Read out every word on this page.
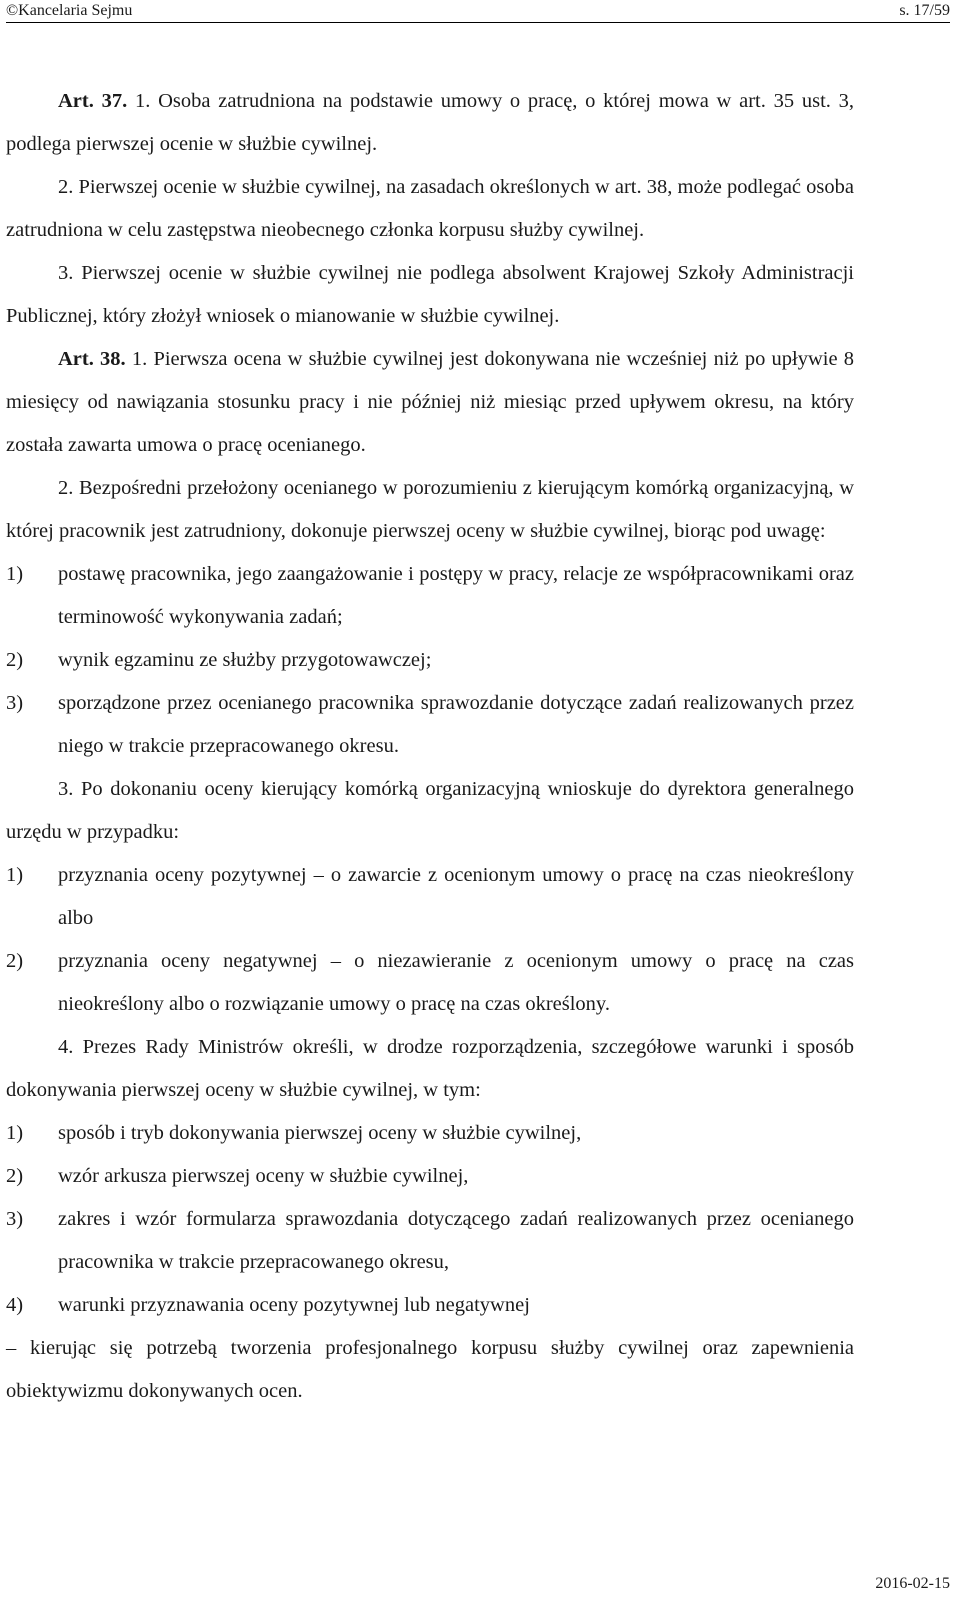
©Kancelaria Sejmu	s. 17/59

Art. 37. 1. Osoba zatrudniona na podstawie umowy o pracę, o której mowa w art. 35 ust. 3, podlega pierwszej ocenie w służbie cywilnej.

2. Pierwszej ocenie w służbie cywilnej, na zasadach określonych w art. 38, może podlegać osoba zatrudniona w celu zastępstwa nieobecnego członka korpusu służby cywilnej.

3. Pierwszej ocenie w służbie cywilnej nie podlega absolwent Krajowej Szkoły Administracji Publicznej, który złożył wniosek o mianowanie w służbie cywilnej.

Art. 38. 1. Pierwsza ocena w służbie cywilnej jest dokonywana nie wcześniej niż po upływie 8 miesięcy od nawiązania stosunku pracy i nie później niż miesiąc przed upływem okresu, na który została zawarta umowa o pracę ocenianego.

2. Bezpośredni przełożony ocenianego w porozumieniu z kierującym komórką organizacyjną, w której pracownik jest zatrudniony, dokonuje pierwszej oceny w służbie cywilnej, biorąc pod uwagę:

1)	postawę pracownika, jego zaangażowanie i postępy w pracy, relacje ze współpracownikami oraz terminowość wykonywania zadań;
2)	wynik egzaminu ze służby przygotowawczej;
3)	sporządzone przez ocenianego pracownika sprawozdanie dotyczące zadań realizowanych przez niego w trakcie przepracowanego okresu.

3. Po dokonaniu oceny kierujący komórką organizacyjną wnioskuje do dyrektora generalnego urzędu w przypadku:

1)	przyznania oceny pozytywnej – o zawarcie z ocenionym umowy o pracę na czas nieokreślony albo
2)	przyznania oceny negatywnej – o niezawieranie z ocenionym umowy o pracę na czas nieokreślony albo o rozwiązanie umowy o pracę na czas określony.

4. Prezes Rady Ministrów określi, w drodze rozporządzenia, szczegółowe warunki i sposób dokonywania pierwszej oceny w służbie cywilnej, w tym:

1)	sposób i tryb dokonywania pierwszej oceny w służbie cywilnej,
2)	wzór arkusza pierwszej oceny w służbie cywilnej,
3)	zakres i wzór formularza sprawozdania dotyczącego zadań realizowanych przez ocenianego pracownika w trakcie przepracowanego okresu,
4)	warunki przyznawania oceny pozytywnej lub negatywnej

– kierując się potrzebą tworzenia profesjonalnego korpusu służby cywilnej oraz zapewnienia obiektywizmu dokonywanych ocen.

2016-02-15
